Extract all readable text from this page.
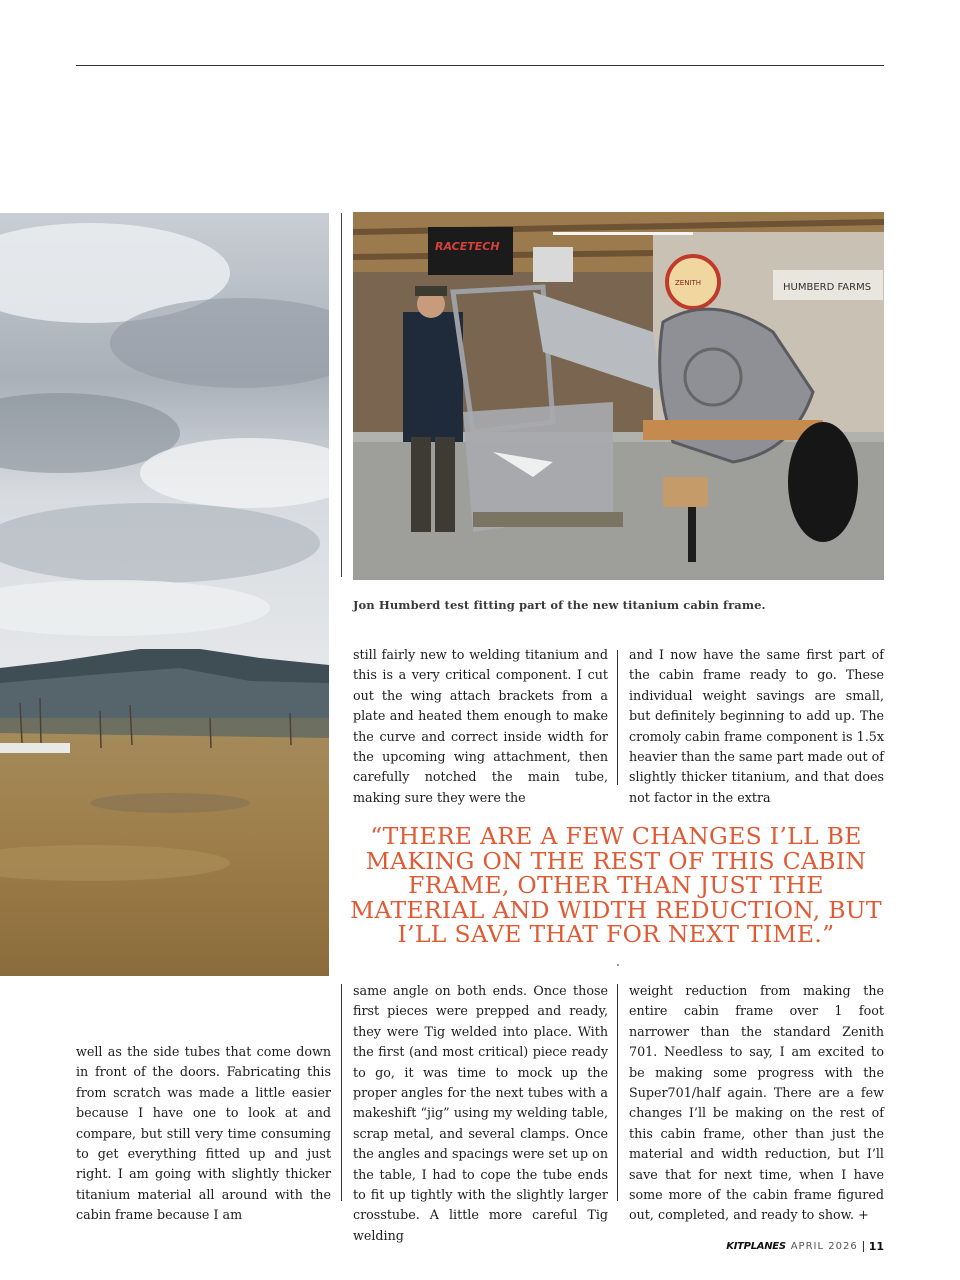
HUMBERD FARMS
RACETECH
ZENITH
Jon Humberd test fitting part of the new titanium cabin frame.

still fairly new to welding titanium and this is a very critical component. I cut out the wing attach brackets from a plate and heated them enough to make the curve and correct inside width for the upcoming wing attachment, then carefully notched the main tube, making sure they were the

and I now have the same first part of the cabin frame ready to go. These individual weight savings are small, but definitely beginning to add up. The cromoly cabin frame component is 1.5x heavier than the same part made out of slightly thicker titanium, and that does not factor in the extra

“THERE ARE A FEW CHANGES I’LL BE MAKING ON THE REST OF THIS CABIN FRAME, OTHER THAN JUST THE MATERIAL AND WIDTH REDUCTION, BUT I’LL SAVE THAT FOR NEXT TIME.”

well as the side tubes that come down in front of the doors. Fabricating this from scratch was made a little easier because I have one to look at and compare, but still very time consuming to get everything fitted up and just right. I am going with slightly thicker titanium material all around with the cabin frame because I am

same angle on both ends. Once those first pieces were prepped and ready, they were Tig welded into place. With the first (and most critical) piece ready to go, it was time to mock up the proper angles for the next tubes with a makeshift “jig” using my welding table, scrap metal, and several clamps. Once the angles and spacings were set up on the table, I had to cope the tube ends to fit up tightly with the slightly larger crosstube. A little more careful Tig welding

weight reduction from making the entire cabin frame over 1 foot narrower than the standard Zenith 701. Needless to say, I am excited to be making some progress with the Super701/half again. There are a few changes I’ll be making on the rest of this cabin frame, other than just the material and width reduction, but I’ll save that for next time, when I have some more of the cabin frame figured out, completed, and ready to show. +

KITPLANES APRIL 2026 11
